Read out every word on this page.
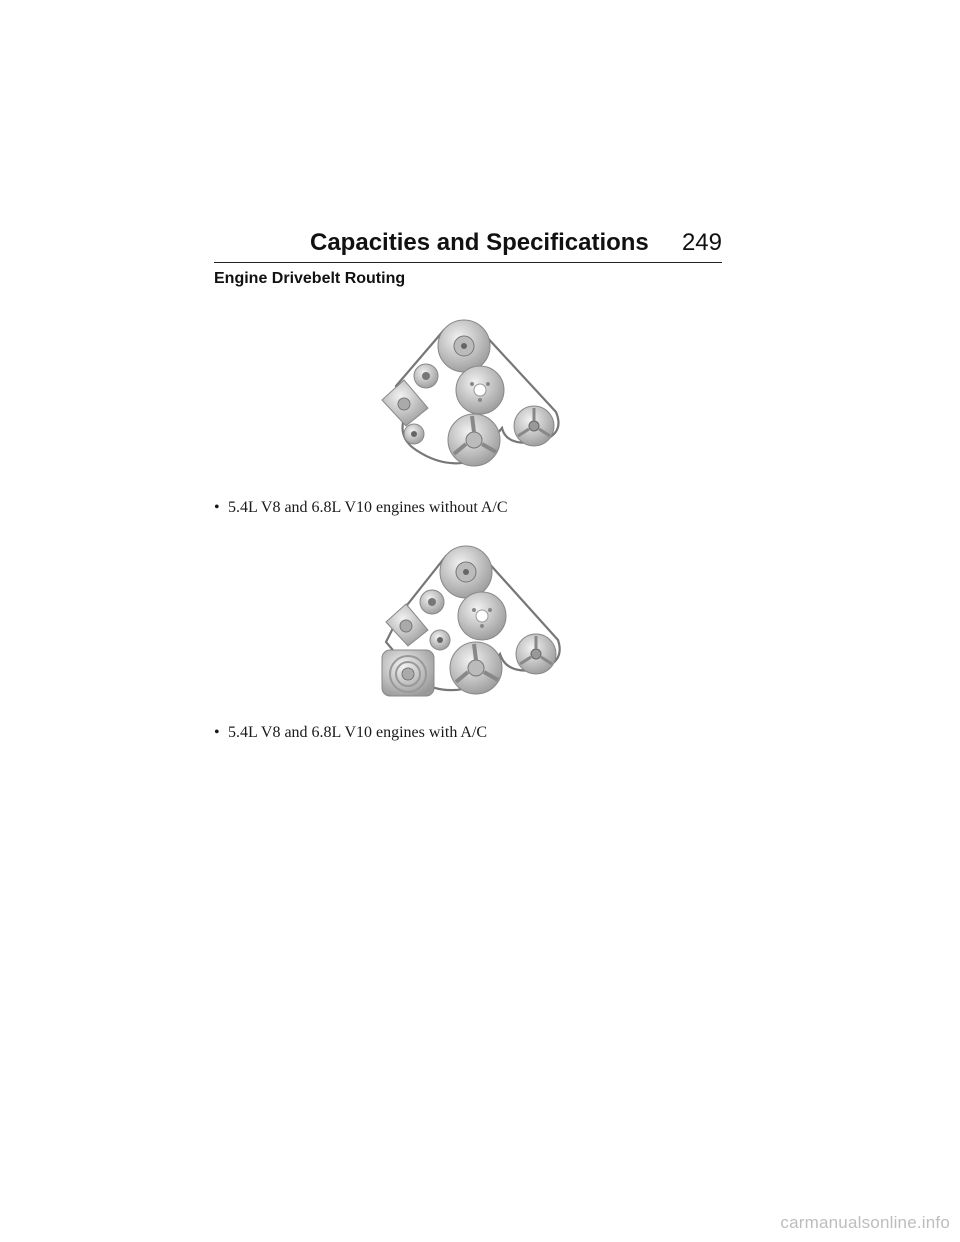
Capacities and Specifications 249
Engine Drivebelt Routing
• 5.4L V8 and 6.8L V10 engines without A/C
• 5.4L V8 and 6.8L V10 engines with A/C
carmanualsonline.info
